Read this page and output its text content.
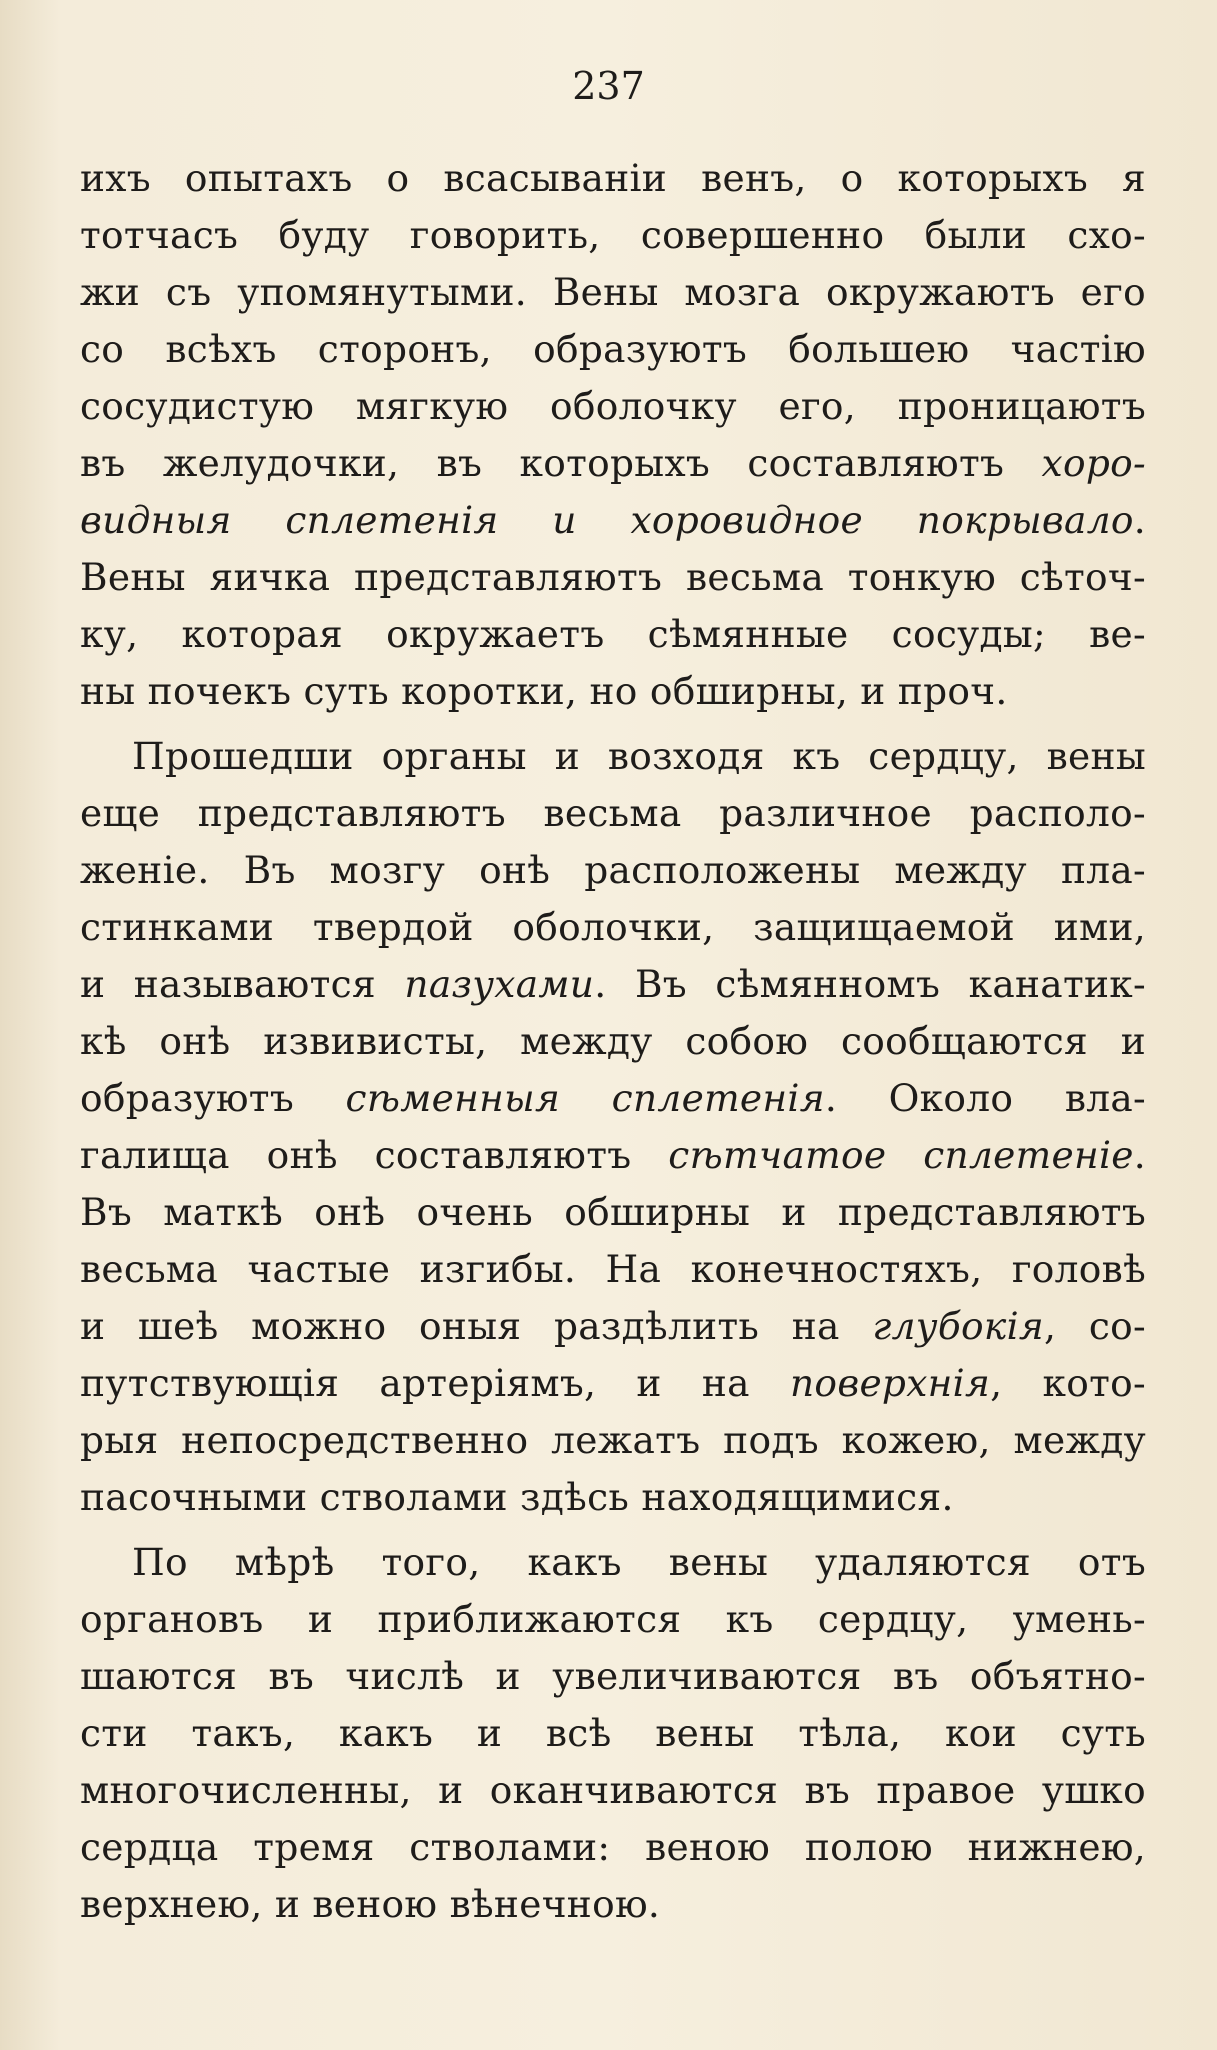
237
ихъ опытахъ о всасываніи венъ, о которыхъ я
тотчасъ буду говорить, совершенно были схо-
жи съ упомянутыми. Вены мозга окружаютъ его
со всѣхъ сторонъ, образуютъ большею частію
сосудистую мягкую оболочку его, проницаютъ
въ желудочки, въ которыхъ составляютъ хоро-
видныя сплетенія и хоровидное покрывало.
Вены яичка представляютъ весьма тонкую сѣточ-
ку, которая окружаетъ сѣмянные сосуды; ве-
ны почекъ суть коротки, но обширны, и проч.
Прошедши органы и возходя къ сердцу, вены
еще представляютъ весьма различное располо-
женіе. Въ мозгу онѣ расположены между пла-
стинками твердой оболочки, защищаемой ими,
и называются пазухами. Въ сѣмянномъ канатик-
кѣ онѣ извивисты, между собою сообщаются и
образуютъ сѣменныя сплетенія. Около вла-
галища онѣ составляютъ сѣтчатое сплетеніе.
Въ маткѣ онѣ очень обширны и представляютъ
весьма частые изгибы. На конечностяхъ, головѣ
и шеѣ можно оныя раздѣлить на глубокія, со-
путствующія артеріямъ, и на поверхнія, кото-
рыя непосредственно лежатъ подъ кожею, между
пасочными стволами здѣсь находящимися.
По мѣрѣ того, какъ вены удаляются отъ
органовъ и приближаются къ сердцу, умень-
шаются въ числѣ и увеличиваются въ объятно-
сти такъ, какъ и всѣ вены тѣла, кои суть
многочисленны, и оканчиваются въ правое ушко
сердца тремя стволами: веною полою нижнею,
верхнею, и веною вѣнечною.
